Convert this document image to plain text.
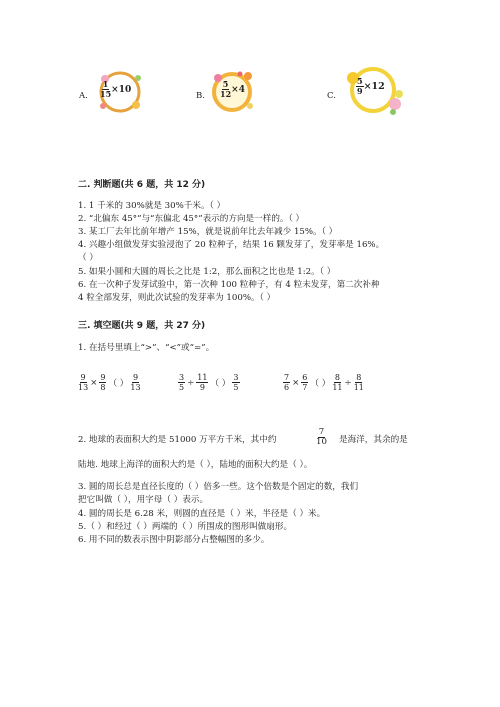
A. $\frac{1}{15} \times 10$
B. $\frac{5}{12} \times 4$
C.	$\frac{5}{9} \times 12$
二. 判断题(共 6 题，共 12 分)
1. 1 千米的 30%就是 30%千米。（ ）
2. “北偏东 45°”与“东偏北 45°”表示的方向是一样的。（ ）
3. 某工厂去年比前年增产 15%，就是说前年比去年减少 15%。（ ）
4. 兴趣小组做发芽实验浸泡了 20 粒种子，结果 16 颗发芽了，发芽率是 16%。
（ ）
5. 如果小圆和大圆的周长之比是 1:2，那么面积之比也是 1:2。（ ）
6. 在一次种子发芽试验中，第一次种 100 粒种子，有 4 粒未发芽，第二次补种
4 粒全部发芽，则此次试验的发芽率为 100%。（ ）
三. 填空题(共 9 题，共 27 分)
1. 在括号里填上“>”、“<”或“=”。
$\frac{9}{13} \times \frac{9}{8}$ （ ） $\frac{9}{13}$	$\frac{3}{5} \div \frac{11}{9}$ （ ） $\frac{3}{5}$	$\frac{7}{6} \times \frac{6}{7}$ （ ） $\frac{8}{11} \div \frac{8}{11}$
2. 地球的表面积大约是 51000 万平方千米，其中约	$\frac{7}{10}$ 是海洋，其余的是
陆地. 地球上海洋的面积大约是（ ），陆地的面积大约是（ ）。
3. 圆的周长总是直径长度的（ ）倍多一些。这个倍数是个固定的数，我们
把它叫做（ ），用字母（ ）表示。
4. 圆的周长是 6.28 米，则圆的直径是（ ）米，半径是（ ）米。
5.（ ）和经过（ ）两端的（ ）所围成的图形叫做扇形。
6. 用不同的数表示图中阴影部分占整幅图的多少。
